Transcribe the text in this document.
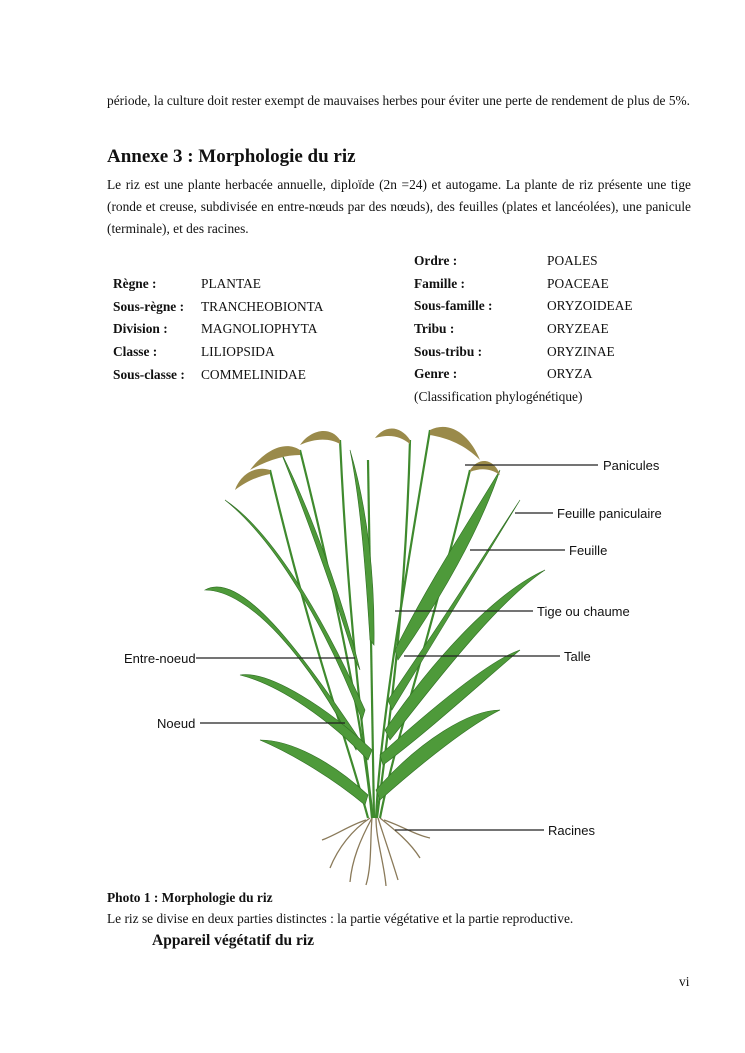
période, la culture doit rester exempt de mauvaises herbes pour éviter une perte de rendement de plus de 5%.
Annexe 3 : Morphologie du riz
Le riz est une plante herbacée annuelle, diploïde (2n =24) et autogame. La plante de riz présente une tige (ronde et creuse, subdivisée en entre-nœuds par des nœuds), des feuilles (plates et lancéolées), une panicule (terminale), et des racines.
Règne :	PLANTAE
Sous-règne :	TRANCHEOBIONTA
Division :	MAGNOLIOPHYTA
Classe :	LILIOPSIDA
Sous-classe :	COMMELINIDAE
Ordre :	POALES
Famille :	POACEAE
Sous-famille :	ORYZOIDEAE
Tribu :	ORYZEAE
Sous-tribu :	ORYZINAE
Genre :	ORYZA
(Classification phylogénétique)
Panicules
Feuille paniculaire
Feuille
Tige ou chaume
Talle
Entre-noeud
Noeud
Racines
Photo 1 : Morphologie du riz
Le riz se divise en deux parties distinctes : la partie végétative et la partie reproductive.
Appareil végétatif du riz
vi
